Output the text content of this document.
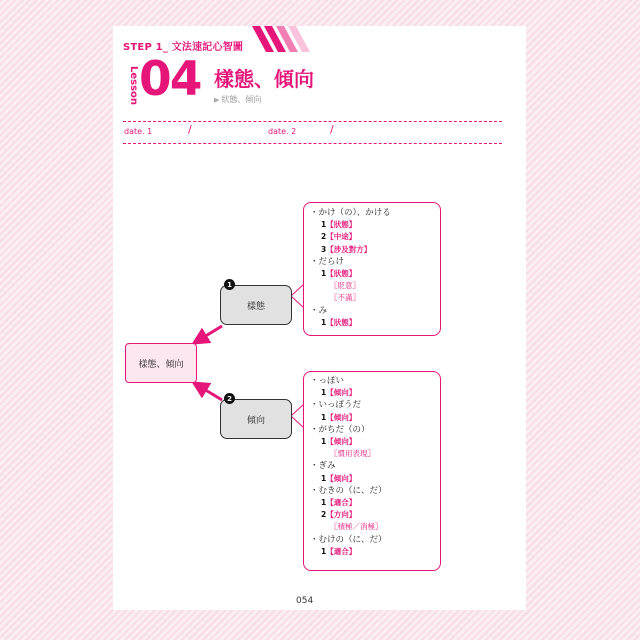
STEP 1_ 文法速記心智圖
Lesson 04 樣態、傾向
▶ 狀態、傾向
date. 1	/	date. 2	/
樣態、傾向
樣態
1
傾向
2
・かけ（の）、かける
1【狀態】
2【中途】
3【涉及對方】
・だらけ
1【狀態】
〖貶意〗
〖不滿〗
・み
1【狀態】
・っぽい
1【傾向】
・いっぽうだ
1【傾向】
・がちだ（の）
1【傾向】
〖慣用表現〗
・ぎみ
1【傾向】
・むきの（に、だ）
1【適合】
2【方向】
〖積極／消極〗
・むけの（に、だ）
1【適合】
054
